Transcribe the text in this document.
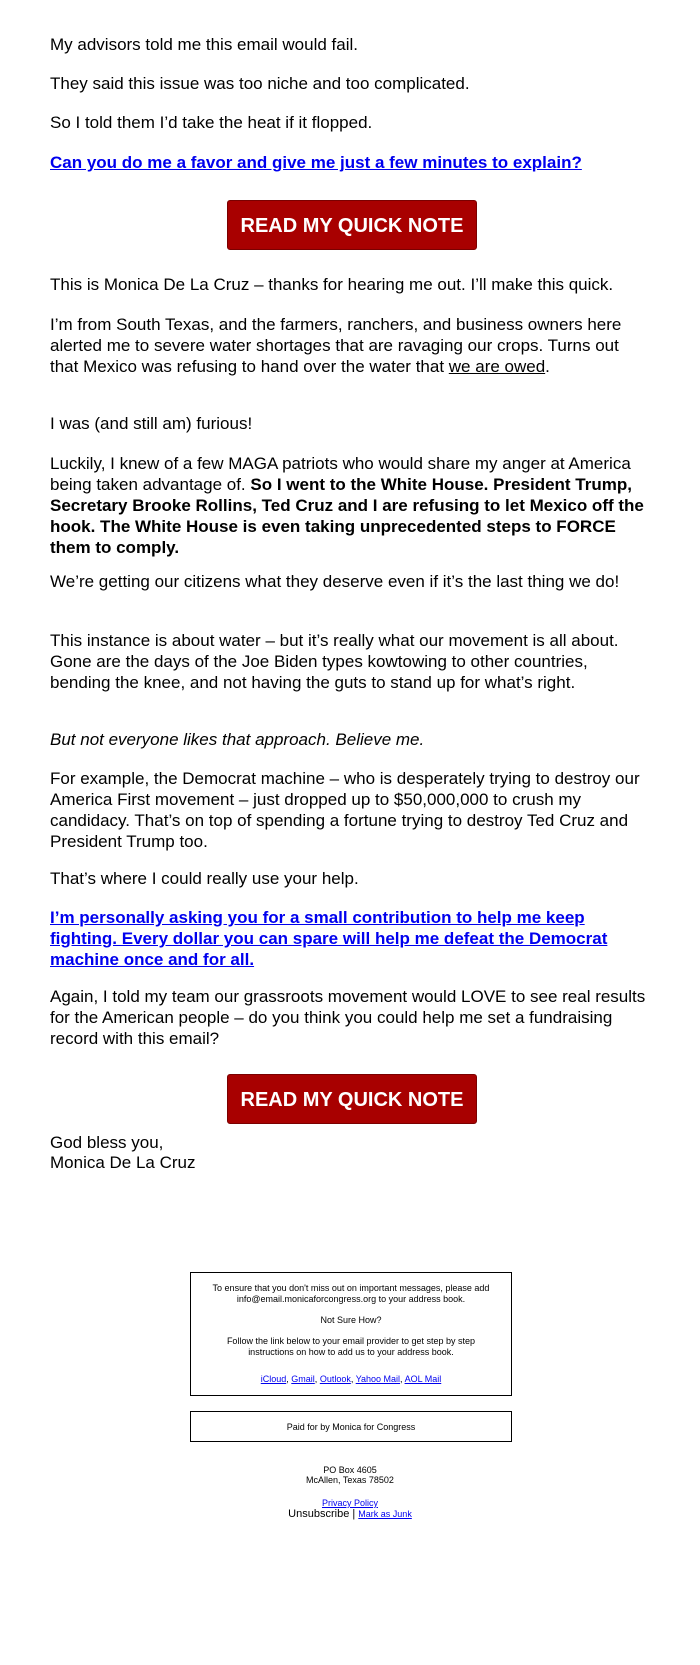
My advisors told me this email would fail.

They said this issue was too niche and too complicated.

So I told them I’d take the heat if it flopped.

Can you do me a favor and give me just a few minutes to explain?

READ MY QUICK NOTE

This is Monica De La Cruz – thanks for hearing me out. I’ll make this quick.

I’m from South Texas, and the farmers, ranchers, and business owners here alerted me to severe water shortages that are ravaging our crops. Turns out that Mexico was refusing to hand over the water that we are owed.

I was (and still am) furious!

Luckily, I knew of a few MAGA patriots who would share my anger at America being taken advantage of. So I went to the White House. President Trump, Secretary Brooke Rollins, Ted Cruz and I are refusing to let Mexico off the hook. The White House is even taking unprecedented steps to FORCE them to comply.

We’re getting our citizens what they deserve even if it’s the last thing we do!

This instance is about water – but it’s really what our movement is all about. Gone are the days of the Joe Biden types kowtowing to other countries, bending the knee, and not having the guts to stand up for what’s right.

But not everyone likes that approach. Believe me.

For example, the Democrat machine – who is desperately trying to destroy our America First movement – just dropped up to $50,000,000 to crush my candidacy. That’s on top of spending a fortune trying to destroy Ted Cruz and President Trump too.

That’s where I could really use your help.

I’m personally asking you for a small contribution to help me keep fighting. Every dollar you can spare will help me defeat the Democrat machine once and for all.

Again, I told my team our grassroots movement would LOVE to see real results for the American people – do you think you could help me set a fundraising record with this email?

READ MY QUICK NOTE

God bless you,

Monica De La Cruz

To ensure that you don't miss out on important messages, please add info@email.monicaforcongress.org to your address book.

Not Sure How?

Follow the link below to your email provider to get step by step instructions on how to add us to your address book.

iCloud, Gmail, Outlook, Yahoo Mail, AOL Mail

Paid for by Monica for Congress
PO Box 4605
McAllen, Texas 78502
Privacy Policy
Unsubscribe | Mark as Junk
